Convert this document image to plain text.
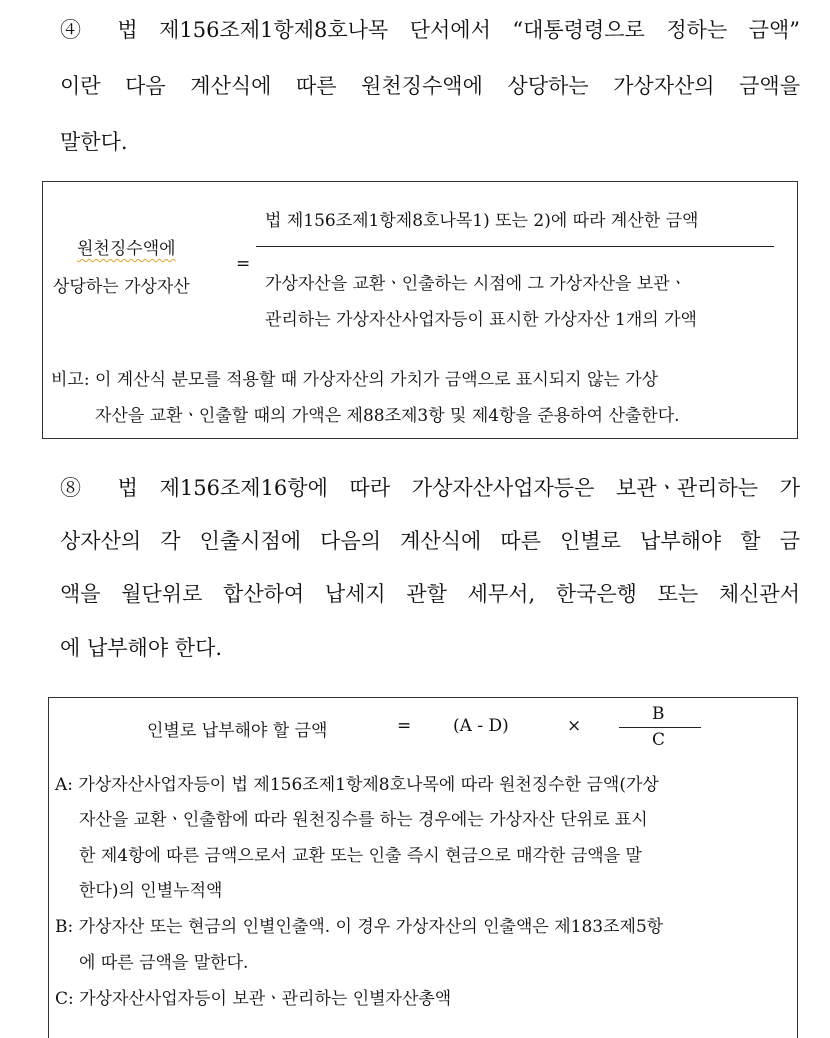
④ 법 제156조제1항제8호나목 단서에서 “대통령령으로 정하는 금액”
이란 다음 계산식에 따른 원천징수액에 상당하는 가상자산의 금액을
말한다.
원천징수액에
상당하는 가상자산
=
법 제156조제1항제8호나목1) 또는 2)에 따라 계산한 금액
가상자산을 교환ㆍ인출하는 시점에 그 가상자산을 보관ㆍ
관리하는 가상자산사업자등이 표시한 가상자산 1개의 가액
비고: 이 계산식 분모를 적용할 때 가상자산의 가치가 금액으로 표시되지 않는 가상
자산을 교환ㆍ인출할 때의 가액은 제88조제3항 및 제4항을 준용하여 산출한다.
⑧ 법 제156조제16항에 따라 가상자산사업자등은 보관ㆍ관리하는 가
상자산의 각 인출시점에 다음의 계산식에 따른 인별로 납부해야 할 금
액을 월단위로 합산하여 납세지 관할 세무서, 한국은행 또는 체신관서
에 납부해야 한다.
인별로 납부해야 할 금액	= (A - D)	×
B
C
A: 가상자산사업자등이 법 제156조제1항제8호나목에 따라 원천징수한 금액(가상
자산을 교환ㆍ인출함에 따라 원천징수를 하는 경우에는 가상자산 단위로 표시
한 제4항에 따른 금액으로서 교환 또는 인출 즉시 현금으로 매각한 금액을 말
한다)의 인별누적액
B: 가상자산 또는 현금의 인별인출액. 이 경우 가상자산의 인출액은 제183조제5항
에 따른 금액을 말한다.
C: 가상자산사업자등이 보관ㆍ관리하는 인별자산총액
